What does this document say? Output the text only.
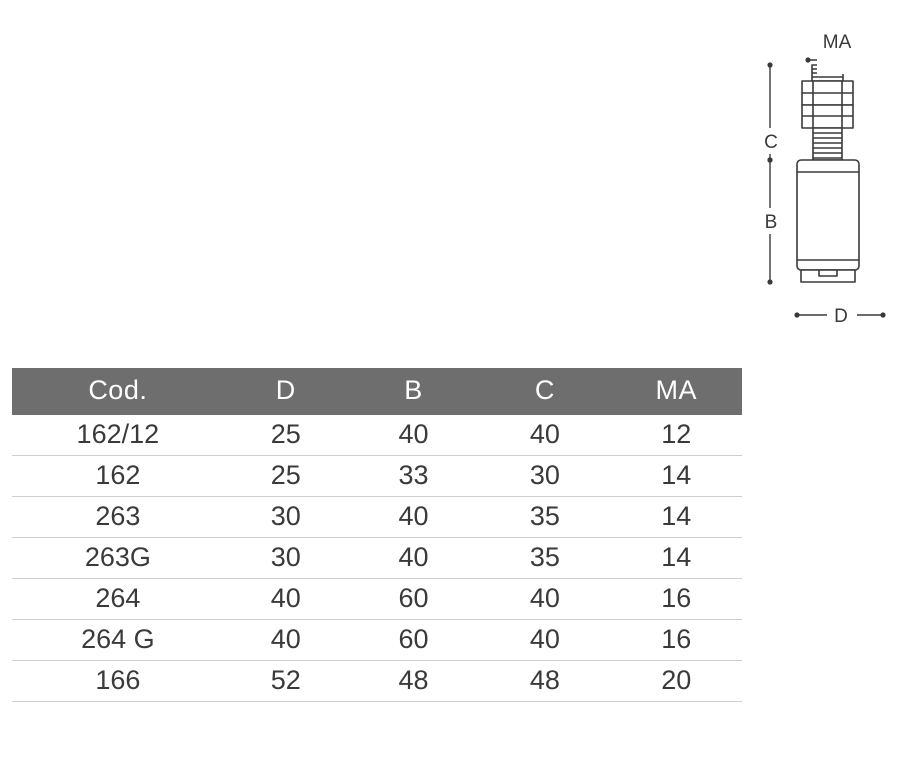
MA
C
B
D
Cod.	D	B	C	MA
162/12	25	40	40	12
162	25	33	30	14
263	30	40	35	14
263G	30	40	35	14
264	40	60	40	16
264 G	40	60	40	16
166	52	48	48	20
